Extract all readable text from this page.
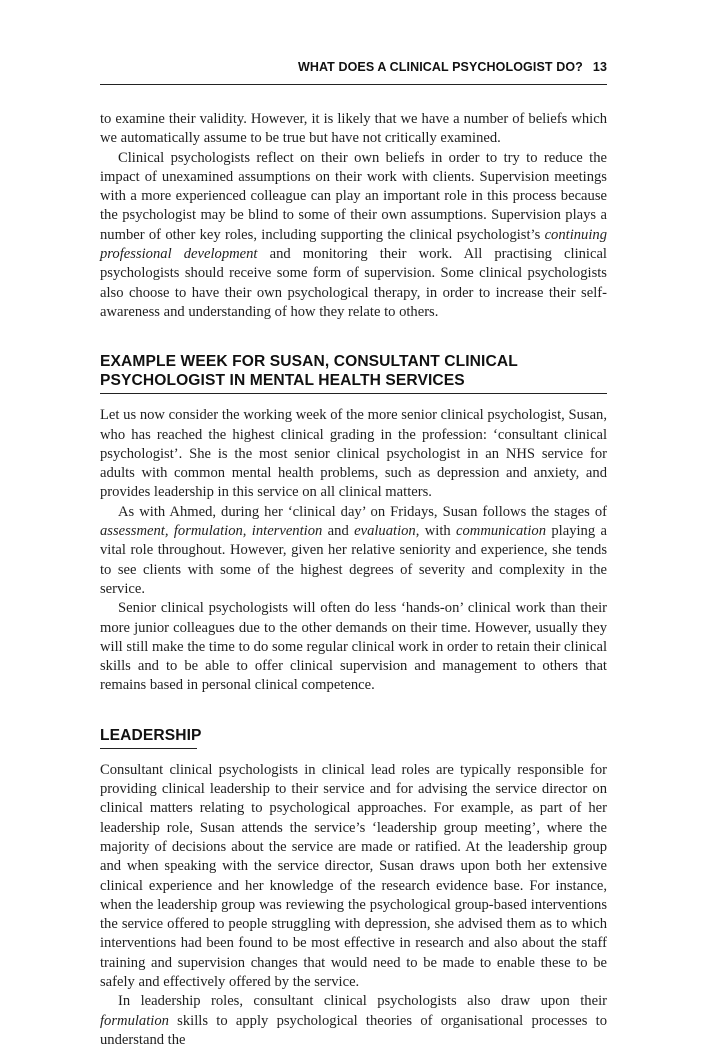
WHAT DOES A CLINICAL PSYCHOLOGIST DO? 13

to examine their validity. However, it is likely that we have a number of beliefs which we automatically assume to be true but have not critically examined.

Clinical psychologists reflect on their own beliefs in order to try to reduce the impact of unexamined assumptions on their work with clients. Supervision meetings with a more experienced colleague can play an important role in this process because the psychologist may be blind to some of their own assumptions. Supervision plays a number of other key roles, including supporting the clinical psychologist’s continuing professional development and monitoring their work. All practising clinical psychologists should receive some form of supervision. Some clinical psychologists also choose to have their own psychological therapy, in order to increase their self-awareness and understanding of how they relate to others.

EXAMPLE WEEK FOR SUSAN, CONSULTANT CLINICAL PSYCHOLOGIST IN MENTAL HEALTH SERVICES

Let us now consider the working week of the more senior clinical psychologist, Susan, who has reached the highest clinical grading in the profession: ‘consultant clinical psychologist’. She is the most senior clinical psychologist in an NHS service for adults with common mental health problems, such as depression and anxiety, and provides leadership in this service on all clinical matters.

As with Ahmed, during her ‘clinical day’ on Fridays, Susan follows the stages of assessment, formulation, intervention and evaluation, with communication playing a vital role throughout. However, given her relative seniority and experience, she tends to see clients with some of the highest degrees of severity and complexity in the service.

Senior clinical psychologists will often do less ‘hands-on’ clinical work than their more junior colleagues due to the other demands on their time. However, usually they will still make the time to do some regular clinical work in order to retain their clinical skills and to be able to offer clinical supervision and management to others that remains based in personal clinical competence.

LEADERSHIP

Consultant clinical psychologists in clinical lead roles are typically responsible for providing clinical leadership to their service and for advising the service director on clinical matters relating to psychological approaches. For example, as part of her leadership role, Susan attends the service’s ‘leadership group meeting’, where the majority of decisions about the service are made or ratified. At the leadership group and when speaking with the service director, Susan draws upon both her extensive clinical experience and her knowledge of the research evidence base. For instance, when the leadership group was reviewing the psychological group-based interventions the service offered to people struggling with depression, she advised them as to which interventions had been found to be most effective in research and also about the staff training and supervision changes that would need to be made to enable these to be safely and effectively offered by the service.

In leadership roles, consultant clinical psychologists also draw upon their formulation skills to apply psychological theories of organisational processes to understand the
